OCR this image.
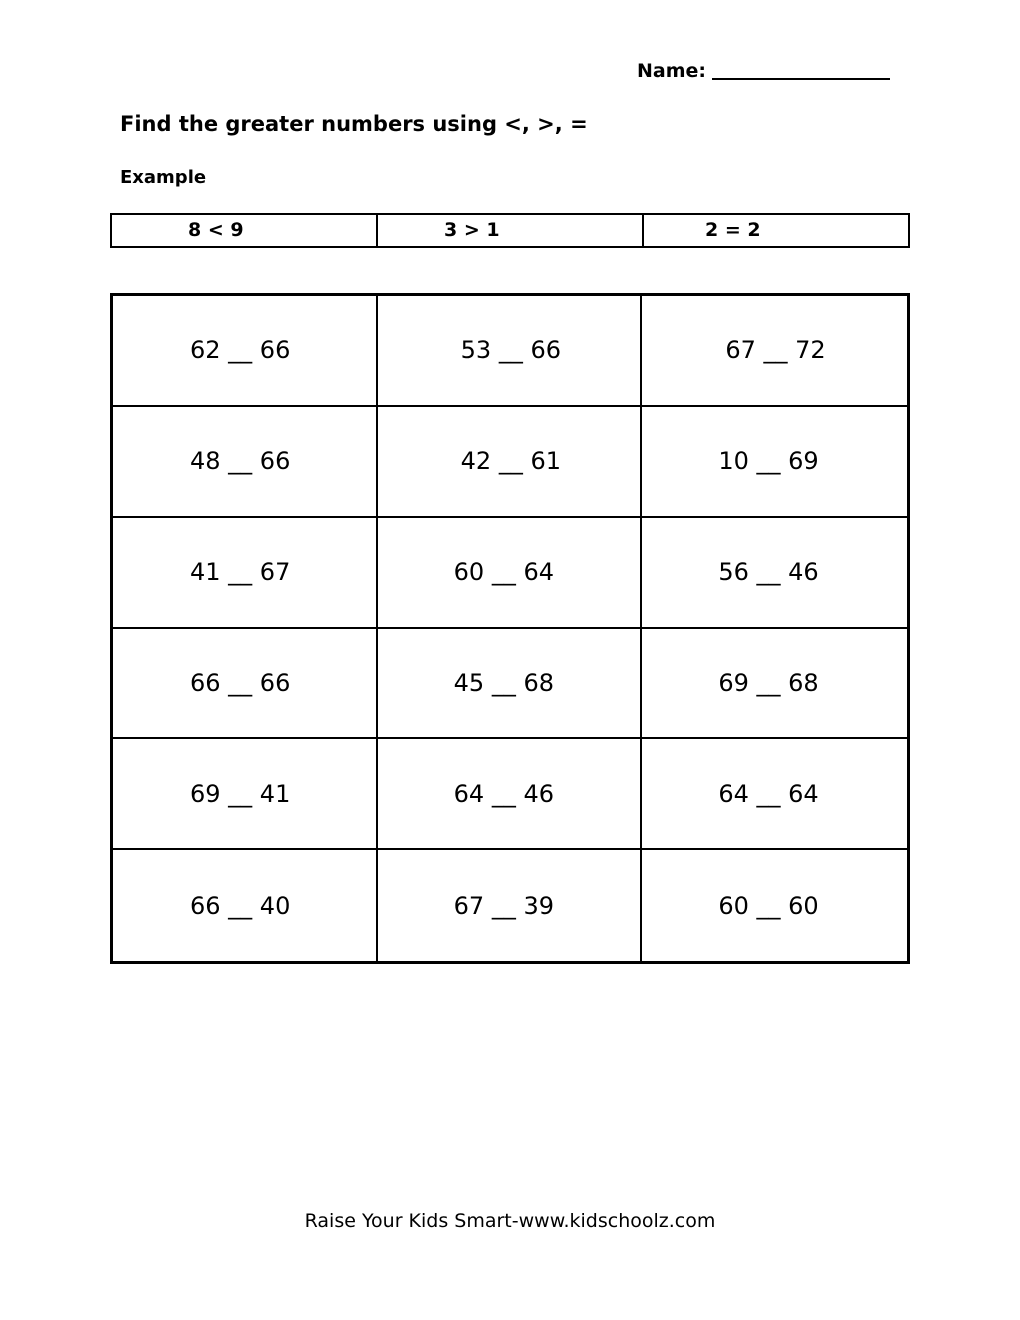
Name:
Find the greater numbers using <, >, =
Example
8 < 9	3 > 1	2 = 2
62 __ 66	53 __ 66	67 __ 72
48 __ 66	42 __ 61	10 __ 69
41 __ 67	60 __ 64	56 __ 46
66 __ 66	45 __ 68	69 __ 68
69 __ 41	64 __ 46	64 __ 64
66 __ 40	67 __ 39	60 __ 60
Raise Your Kids Smart-www.kidschoolz.com
